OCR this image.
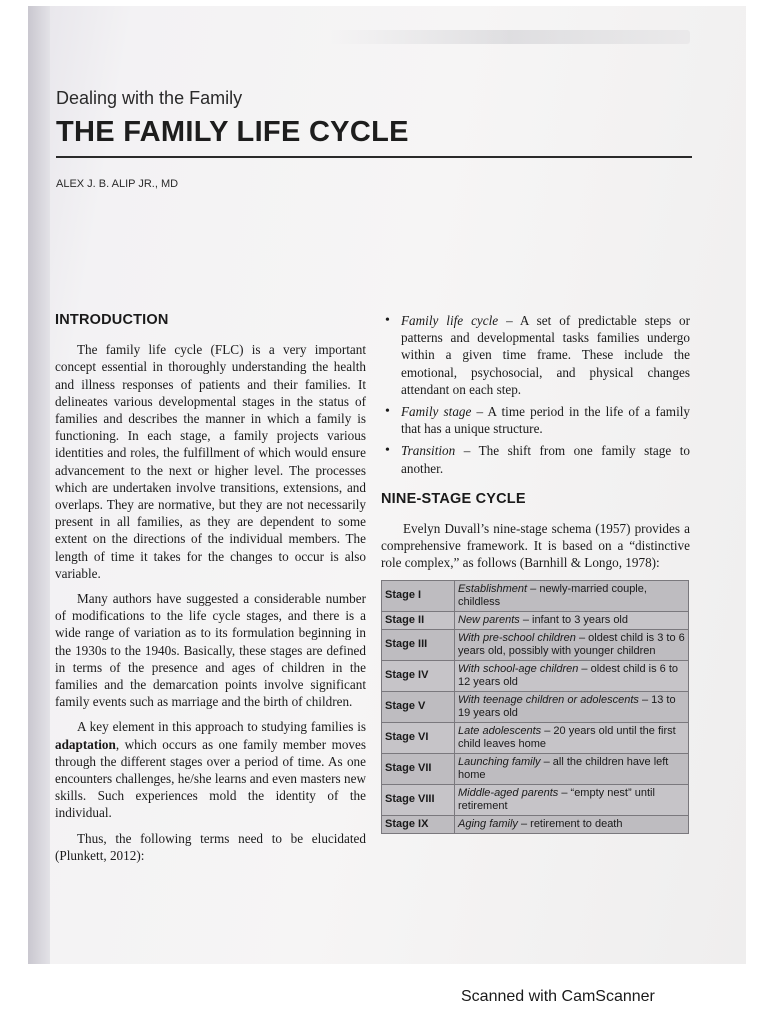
Dealing with the Family
THE FAMILY LIFE CYCLE
ALEX J. B. ALIP JR., MD
INTRODUCTION

The family life cycle (FLC) is a very important concept essential in thoroughly understanding the health and illness responses of patients and their families. It delineates various developmental stages in the status of families and describes the manner in which a family is functioning. In each stage, a family projects various identities and roles, the fulfillment of which would ensure advancement to the next or higher level. The processes which are undertaken involve transitions, extensions, and overlaps. They are normative, but they are not necessarily present in all families, as they are dependent to some extent on the directions of the individual members. The length of time it takes for the changes to occur is also variable.

Many authors have suggested a considerable number of modifications to the life cycle stages, and there is a wide range of variation as to its formulation beginning in the 1930s to the 1940s. Basically, these stages are defined in terms of the presence and ages of children in the families and the demarcation points involve significant family events such as marriage and the birth of children.

A key element in this approach to studying families is adaptation, which occurs as one family member moves through the different stages over a period of time. As one encounters challenges, he/she learns and even masters new skills. Such experiences mold the identity of the individual.

Thus, the following terms need to be elucidated (Plunkett, 2012):

• Family life cycle – A set of predictable steps or patterns and developmental tasks families undergo within a given time frame. These include the emotional, psychosocial, and physical changes attendant on each step.
• Family stage – A time period in the life of a family that has a unique structure.
• Transition – The shift from one family stage to another.
NINE-STAGE CYCLE

Evelyn Duvall’s nine-stage schema (1957) provides a comprehensive framework. It is based on a “distinctive role complex,” as follows (Barnhill & Longo, 1978):

Stage I	Establishment – newly-married couple, childless
Stage II	New parents – infant to 3 years old
Stage III	With pre-school children – oldest child is 3 to 6 years old, possibly with younger children
Stage IV	With school-age children – oldest child is 6 to 12 years old
Stage V	With teenage children or adolescents – 13 to 19 years old
Stage VI	Late adolescents – 20 years old until the first child leaves home
Stage VII	Launching family – all the children have left home
Stage VIII	Middle-aged parents – “empty nest” until retirement
Stage IX	Aging family – retirement to death
Scanned with CamScanner
